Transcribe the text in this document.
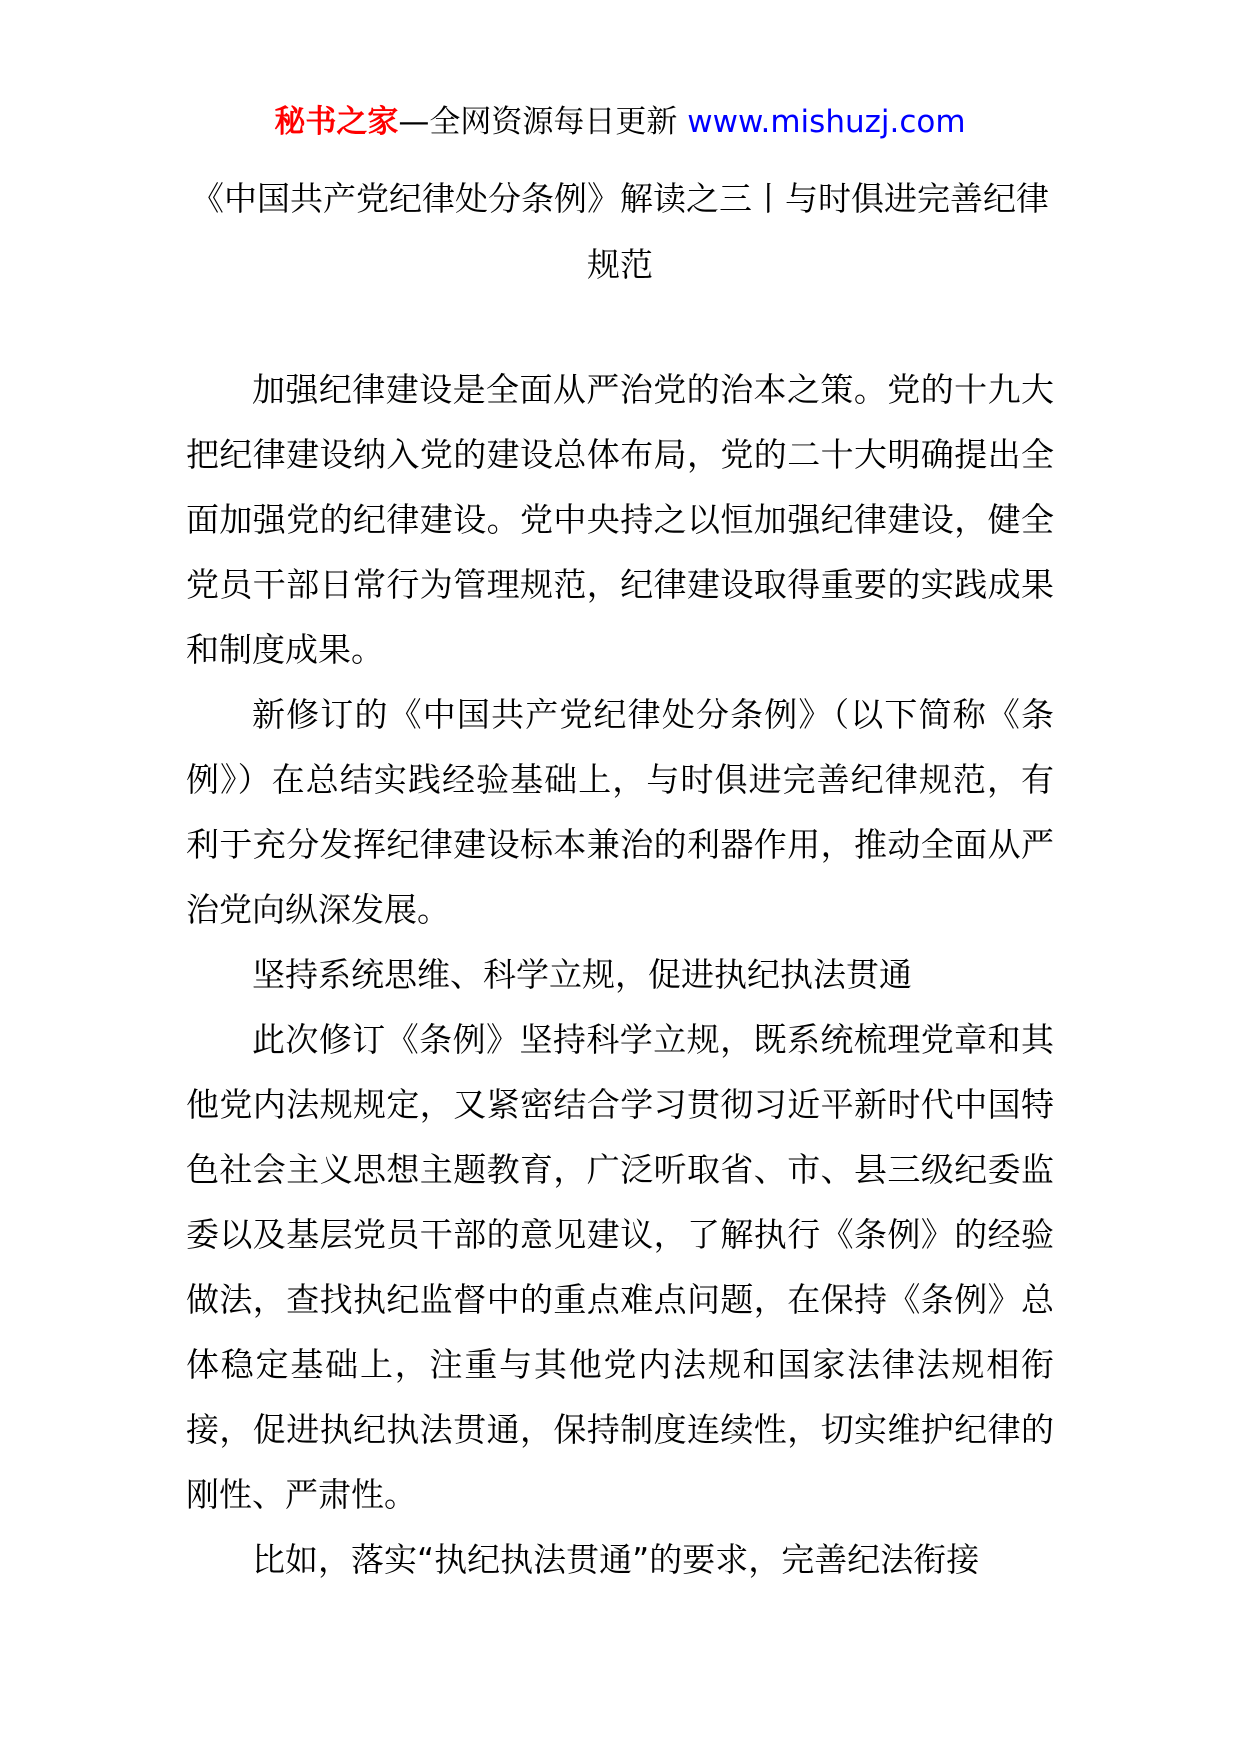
秘书之家—全网资源每日更新 www.mishuzj.com
《中国共产党纪律处分条例》解读之三丨与时俱进完善纪律规范

加强纪律建设是全面从严治党的治本之策。党的十九大把纪律建设纳入党的建设总体布局，党的二十大明确提出全面加强党的纪律建设。党中央持之以恒加强纪律建设，健全党员干部日常行为管理规范，纪律建设取得重要的实践成果和制度成果。

新修订的《中国共产党纪律处分条例》（以下简称《条例》）在总结实践经验基础上，与时俱进完善纪律规范，有利于充分发挥纪律建设标本兼治的利器作用，推动全面从严治党向纵深发展。

坚持系统思维、科学立规，促进执纪执法贯通

此次修订《条例》坚持科学立规，既系统梳理党章和其他党内法规规定，又紧密结合学习贯彻习近平新时代中国特色社会主义思想主题教育，广泛听取省、市、县三级纪委监委以及基层党员干部的意见建议，了解执行《条例》的经验做法，查找执纪监督中的重点难点问题，在保持《条例》总体稳定基础上，注重与其他党内法规和国家法律法规相衔接，促进执纪执法贯通，保持制度连续性，切实维护纪律的刚性、严肃性。

比如，落实“执纪执法贯通”的要求，完善纪法衔接
